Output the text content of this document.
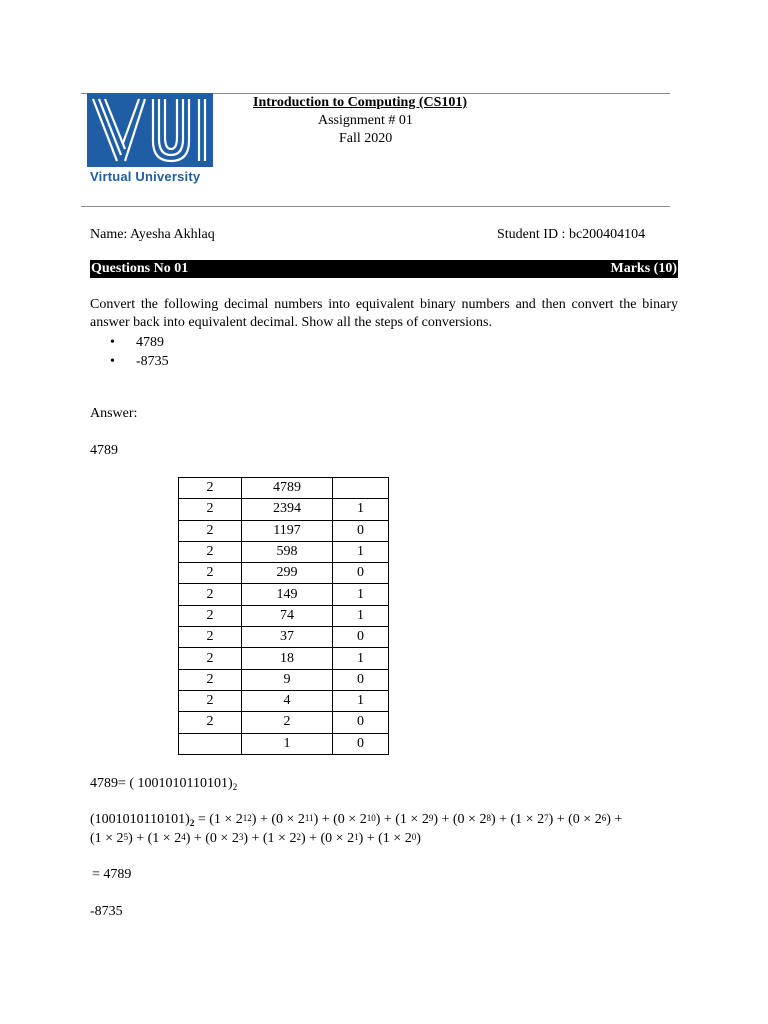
Virtual University
Introduction to Computing (CS101)
Assignment # 01
Fall 2020
Name: Ayesha Akhlaq	Student ID : bc200404104
Questions No 01	Marks (10)
Convert the following decimal numbers into equivalent binary numbers and then convert the binary answer back into equivalent decimal. Show all the steps of conversions.
• 4789
• -8735
Answer:
4789
2	4789	
2	2394	1
2	1197	0
2	598	1
2	299	0
2	149	1
2	74	1
2	37	0
2	18	1
2	9	0
2	4	1
2	2	0
	1	0
4789= ( $1001010110101)_2$
$(1001010110101)_2 = (1 \times 2^{12}) + (0 \times 2^{11}) + (0 \times 2^{10}) + (1 \times 2^9) + (0 \times 2^8) + (1 \times 2^7) + (0 \times 2^6)$ +
$(1 \times 2^5) + (1 \times 2^4) + (0 \times 2^3) + (1 \times 2^2) + (0 \times 2^1) + (1 \times 2^0)$
= 4789
-8735
